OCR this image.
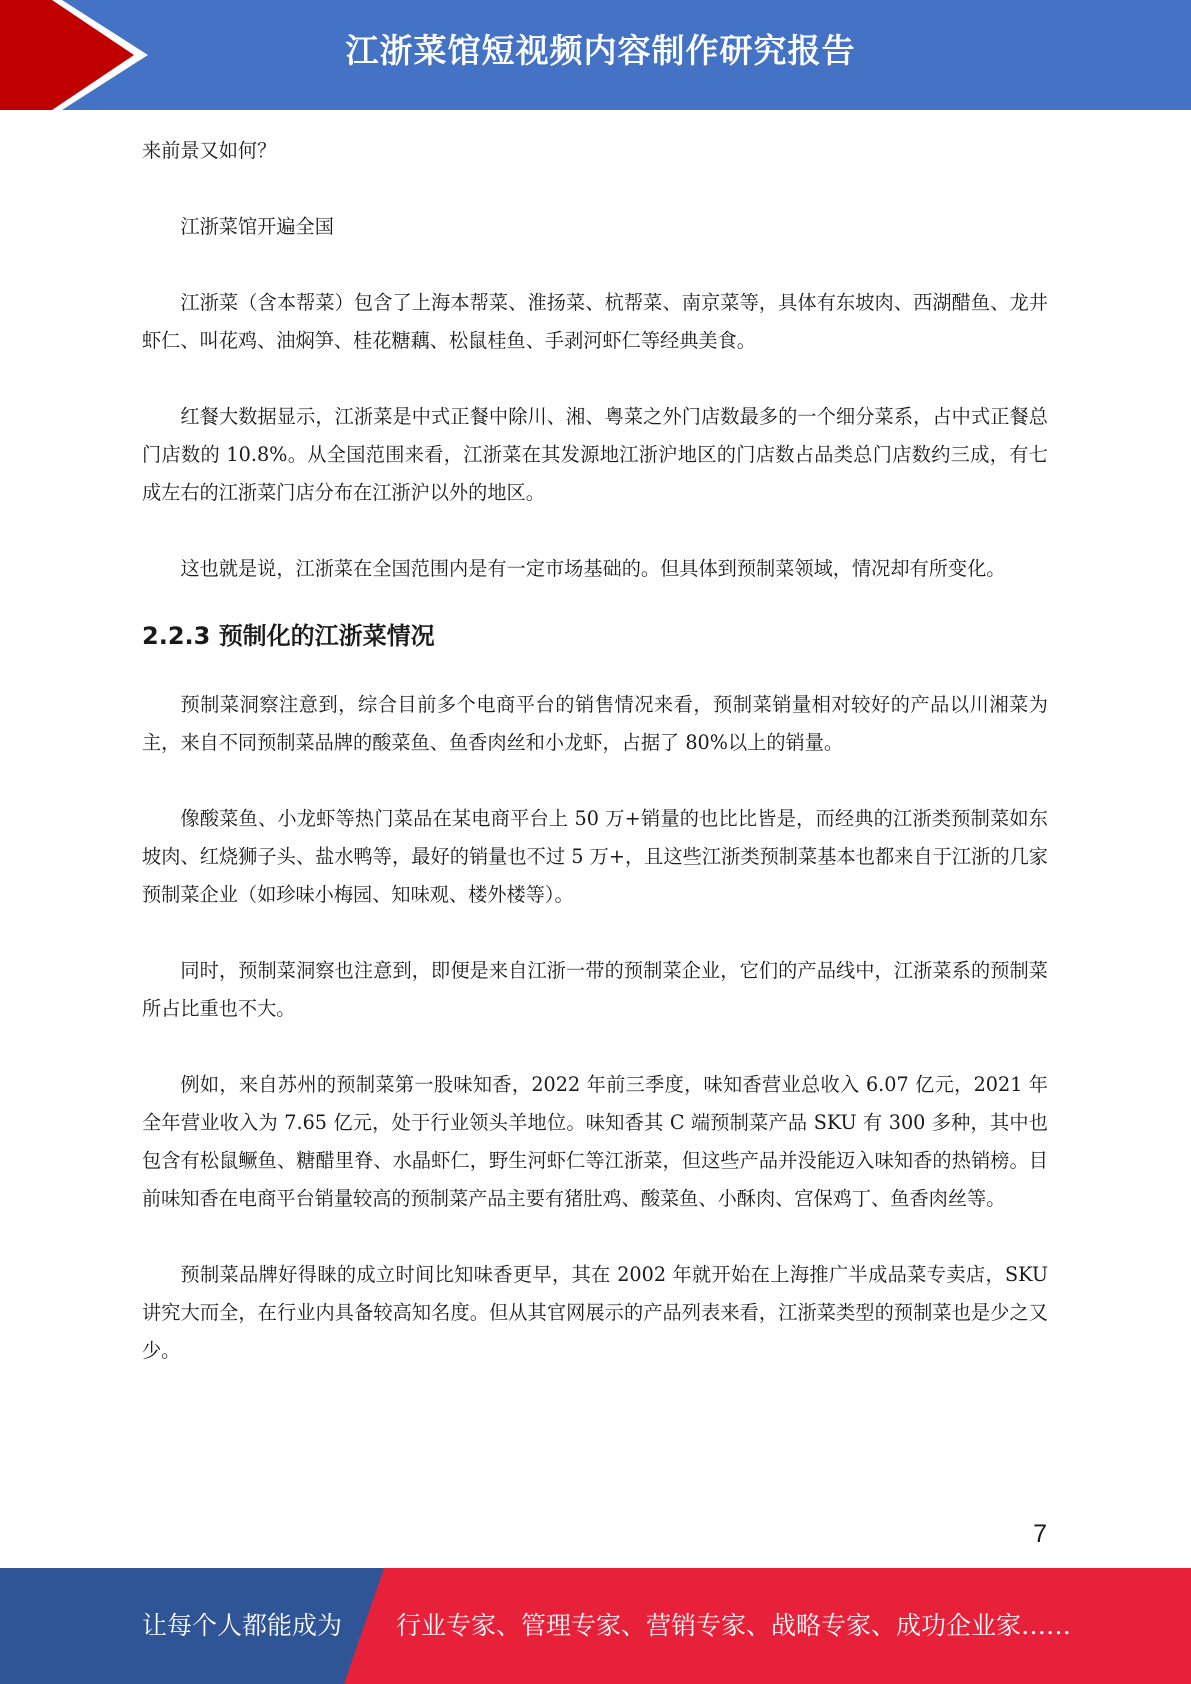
江浙菜馆短视频内容制作研究报告

来前景又如何？

江浙菜馆开遍全国

江浙菜（含本帮菜）包含了上海本帮菜、淮扬菜、杭帮菜、南京菜等，具体有东坡肉、西湖醋鱼、龙井虾仁、叫花鸡、油焖笋、桂花糖藕、松鼠桂鱼、手剥河虾仁等经典美食。

红餐大数据显示，江浙菜是中式正餐中除川、湘、粤菜之外门店数最多的一个细分菜系，占中式正餐总门店数的 10.8%。从全国范围来看，江浙菜在其发源地江浙沪地区的门店数占品类总门店数约三成，有七成左右的江浙菜门店分布在江浙沪以外的地区。

这也就是说，江浙菜在全国范围内是有一定市场基础的。但具体到预制菜领域，情况却有所变化。

2.2.3 预制化的江浙菜情况

预制菜洞察注意到，综合目前多个电商平台的销售情况来看，预制菜销量相对较好的产品以川湘菜为主，来自不同预制菜品牌的酸菜鱼、鱼香肉丝和小龙虾，占据了 80%以上的销量。

像酸菜鱼、小龙虾等热门菜品在某电商平台上 50 万+销量的也比比皆是，而经典的江浙类预制菜如东坡肉、红烧狮子头、盐水鸭等，最好的销量也不过 5 万+，且这些江浙类预制菜基本也都来自于江浙的几家预制菜企业（如珍味小梅园、知味观、楼外楼等）。

同时，预制菜洞察也注意到，即便是来自江浙一带的预制菜企业，它们的产品线中，江浙菜系的预制菜所占比重也不大。

例如，来自苏州的预制菜第一股味知香，2022 年前三季度，味知香营业总收入 6.07 亿元，2021 年全年营业收入为 7.65 亿元，处于行业领头羊地位。味知香其 C 端预制菜产品 SKU 有 300 多种，其中也包含有松鼠鳜鱼、糖醋里脊、水晶虾仁，野生河虾仁等江浙菜，但这些产品并没能迈入味知香的热销榜。目前味知香在电商平台销量较高的预制菜产品主要有猪肚鸡、酸菜鱼、小酥肉、宫保鸡丁、鱼香肉丝等。

预制菜品牌好得睐的成立时间比知味香更早，其在 2002 年就开始在上海推广半成品菜专卖店，SKU 讲究大而全，在行业内具备较高知名度。但从其官网展示的产品列表来看，江浙菜类型的预制菜也是少之又少。

7
让每个人都能成为 行业专家、管理专家、营销专家、战略专家、成功企业家……
